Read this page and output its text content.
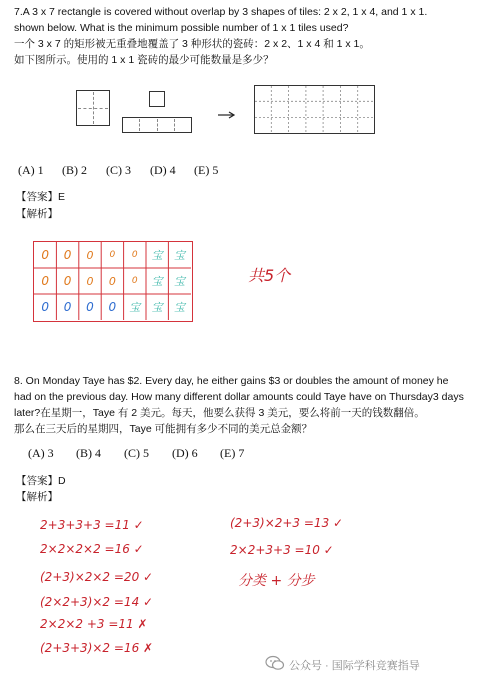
7.A 3 x 7 rectangle is covered without overlap by 3 shapes of tiles: 2 x 2, 1 x 4, and 1 x 1.
shown below. What is the minimum possible number of 1 x 1 tiles used?
一个 3 x 7 的矩形被无重叠地覆盖了 3 种形状的瓷砖：2 x 2、1 x 4 和 1 x 1。
如下图所示。使用的 1 x 1 瓷砖的最少可能数量是多少？
(A) 1	(B) 2	(C) 3	(D) 4	(E) 5
【答案】E
【解析】
0	0	0	0	0	宝	宝
0	0	0	0	0	宝	宝
0	0	0	0	宝	宝	宝
共5个
8. On Monday Taye has $2. Every day, he either gains $3 or doubles the amount of money he
had on the previous day. How many different dollar amounts could Taye have on Thursday3 days
later?在星期一，Taye 有 2 美元。每天，他要么获得 3 美元，要么将前一天的钱数翻倍。
那么在三天后的星期四，Taye 可能拥有多少不同的美元总金额？
(A) 3	(B) 4	(C) 5	(D) 6	(E) 7
【答案】D
【解析】
2+3+3+3 =11 ✓
2×2×2×2 =16 ✓
(2+3)×2×2 =20 ✓
(2×2+3)×2 =14 ✓
2×2×2 +3 =11 ✗
(2+3+3)×2 =16 ✗
(2+3)×2+3 =13 ✓
2×2+3+3 =10 ✓
分类 + 分步
公众号 · 国际学科竞赛指导
